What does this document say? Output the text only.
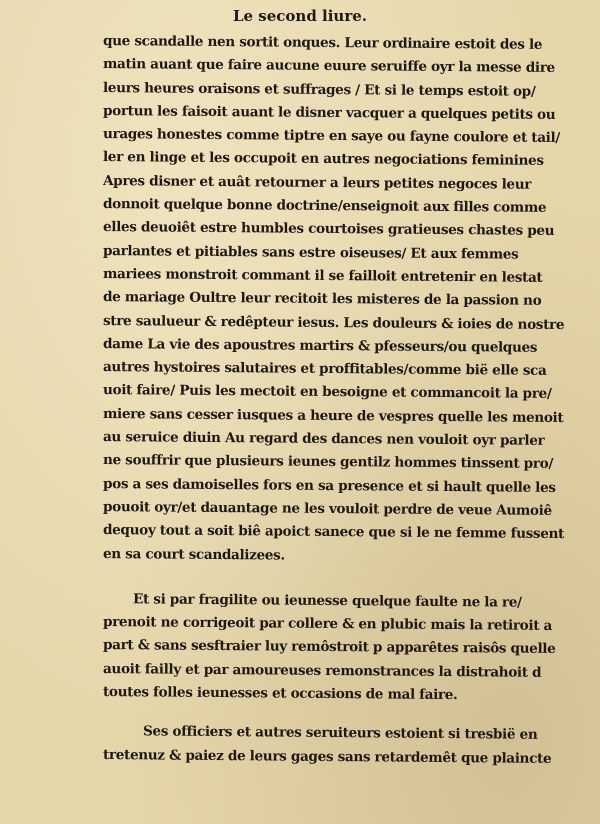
Le second liure.
que scandalle nen sortit onques. Leur ordinaire estoit des le
matin auant que faire aucune euure seruiffe oyr la messe dire
leurs heures oraisons et suffrages / Et si le temps estoit op/
portun les faisoit auant le disner vacquer a quelques petits ou
urages honestes comme tiptre en saye ou fayne coulore et tail/
ler en linge et les occupoit en autres negociations feminines
Apres disner et auât retourner a leurs petites negoces leur
donnoit quelque bonne doctrine/enseignoit aux filles comme
elles deuoiêt estre humbles courtoises gratieuses chastes peu
parlantes et pitiables sans estre oiseuses/ Et aux femmes
mariees monstroit commant il se failloit entretenir en lestat
de mariage Oultre leur recitoit les misteres de la passion no
stre saulueur & redêpteur iesus. Les douleurs & ioies de nostre
dame La vie des apoustres martirs & pfesseurs/ou quelques
autres hystoires salutaires et proffitables/comme bië elle sca
uoit faire/ Puis les mectoit en besoigne et commancoit la pre/
miere sans cesser iusques a heure de vespres quelle les menoit
au seruice diuin Au regard des dances nen vouloit oyr parler
ne souffrir que plusieurs ieunes gentilz hommes tinssent pro/
pos a ses damoiselles fors en sa presence et si hault quelle les
pouoit oyr/et dauantage ne les vouloit perdre de veue Aumoiê
dequoy tout a soit biê apoict sanece que si le ne femme fussent
en sa court scandalizees.
Et si par fragilite ou ieunesse quelque faulte ne la re/
prenoit ne corrigeoit par collere & en plubic mais la retiroit a
part & sans sesftraier luy remôstroit p apparêtes raisôs quelle
auoit failly et par amoureuses remonstrances la distrahoit d
toutes folles ieunesses et occasions de mal faire.
Ses officiers et autres seruiteurs estoient si tresbië en
tretenuz & paiez de leurs gages sans retardemêt que plaincte
